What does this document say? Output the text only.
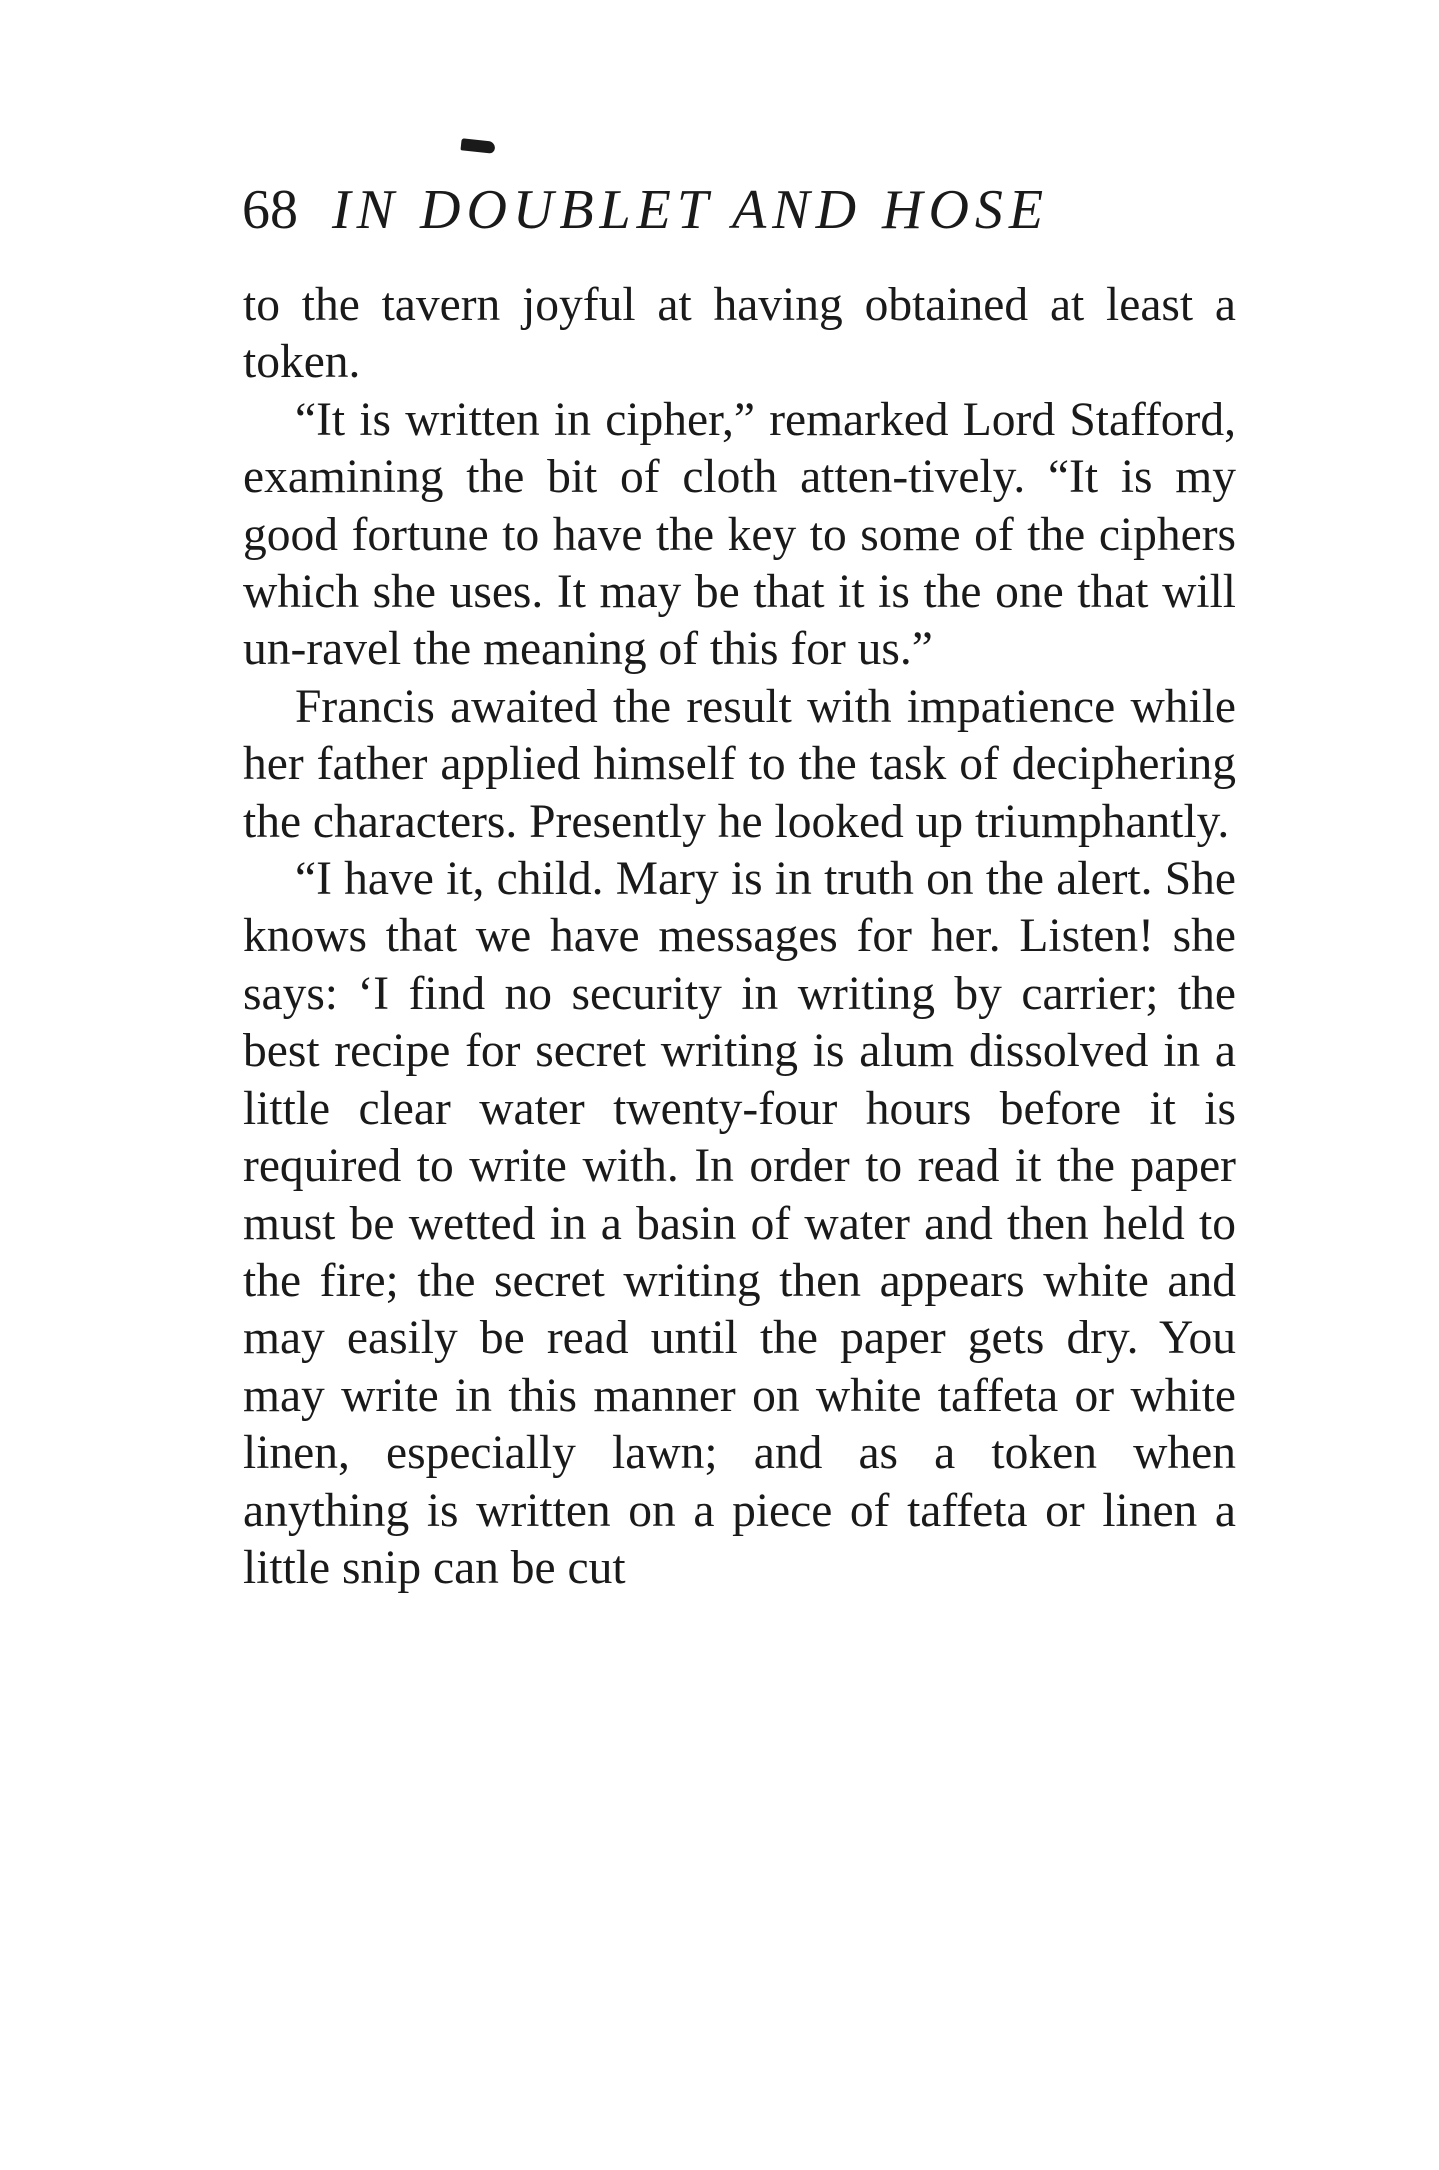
68 IN DOUBLET AND HOSE

to the tavern joyful at having obtained at least a token.

“It is written in cipher,” remarked Lord Stafford, examining the bit of cloth atten-tively. “It is my good fortune to have the key to some of the ciphers which she uses. It may be that it is the one that will un-ravel the meaning of this for us.”

Francis awaited the result with impatience while her father applied himself to the task of deciphering the characters. Presently he looked up triumphantly.

“I have it, child. Mary is in truth on the alert. She knows that we have messages for her. Listen! she says: ‘I find no security in writing by carrier; the best recipe for secret writing is alum dissolved in a little clear water twenty-four hours before it is required to write with. In order to read it the paper must be wetted in a basin of water and then held to the fire; the secret writing then appears white and may easily be read until the paper gets dry. You may write in this manner on white taffeta or white linen, especially lawn; and as a token when anything is written on a piece of taffeta or linen a little snip can be cut
